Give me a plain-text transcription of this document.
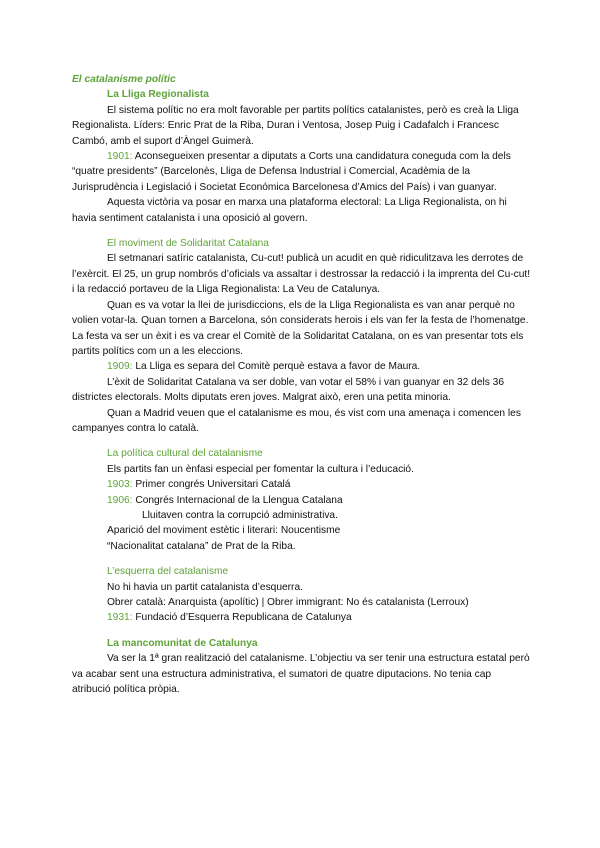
El catalanisme polític
La Lliga Regionalista

El sistema polític no era molt favorable per partits polítics catalanistes, però es creà la Lliga Regionalista. Líders: Enric Prat de la Riba, Duran i Ventosa, Josep Puig i Cadafalch i Francesc Cambó, amb el suport d’Àngel Guimerà.

1901: Aconsegueixen presentar a diputats a Corts una candidatura coneguda com la dels “quatre presidents” (Barcelonès, Lliga de Defensa Industrial i Comercial, Acadèmia de la Jurisprudència i Legislació i Societat Económica Barcelonesa d’Amics del País) i van guanyar.

Aquesta victòria va posar en marxa una plataforma electoral: La Lliga Regionalista, on hi havia sentiment catalanista i una oposició al govern.

El moviment de Solidaritat Catalana

El setmanari satíric catalanista, Cu-cut! publicà un acudit en què ridiculitzava les derrotes de l’exèrcit. El 25, un grup nombrós d’oficials va assaltar i destrossar la redacció i la imprenta del Cu-cut! i la redacció portaveu de la Lliga Regionalista: La Veu de Catalunya.

Quan es va votar la llei de jurisdiccions, els de la Lliga Regionalista es van anar perquè no volien votar-la. Quan tornen a Barcelona, són considerats herois i els van fer la festa de l’homenatge. La festa va ser un èxit i es va crear el Comitè de la Solidaritat Catalana, on es van presentar tots els partits polítics com un a les eleccions.

1909: La Lliga es separa del Comitè perquè estava a favor de Maura.

L’èxit de Solidaritat Catalana va ser doble, van votar el 58% i van guanyar en 32 dels 36 districtes electorals. Molts diputats eren joves. Malgrat això, eren una petita minoria.

Quan a Madrid veuen que el catalanisme es mou, és vist com una amenaça i comencen les campanyes contra lo català.

La política cultural del catalanisme
Els partits fan un ènfasi especial per fomentar la cultura i l’educació.
1903: Primer congrés Universitari Catalá
1906: Congrés Internacional de la Llengua Catalana
Lluitaven contra la corrupció administrativa.
Aparició del moviment estètic i literari: Noucentisme
“Nacionalitat catalana” de Prat de la Riba.
L’esquerra del catalanisme
No hi havia un partit catalanista d’esquerra.
Obrer català: Anarquista (apolític) | Obrer immigrant: No és catalanista (Lerroux)
1931: Fundació d’Esquerra Republicana de Catalunya
La mancomunitat de Catalunya

Va ser la 1ª gran realització del catalanisme. L’objectiu va ser tenir una estructura estatal però va acabar sent una estructura administrativa, el sumatori de quatre diputacions. No tenia cap atribució política pròpia.
